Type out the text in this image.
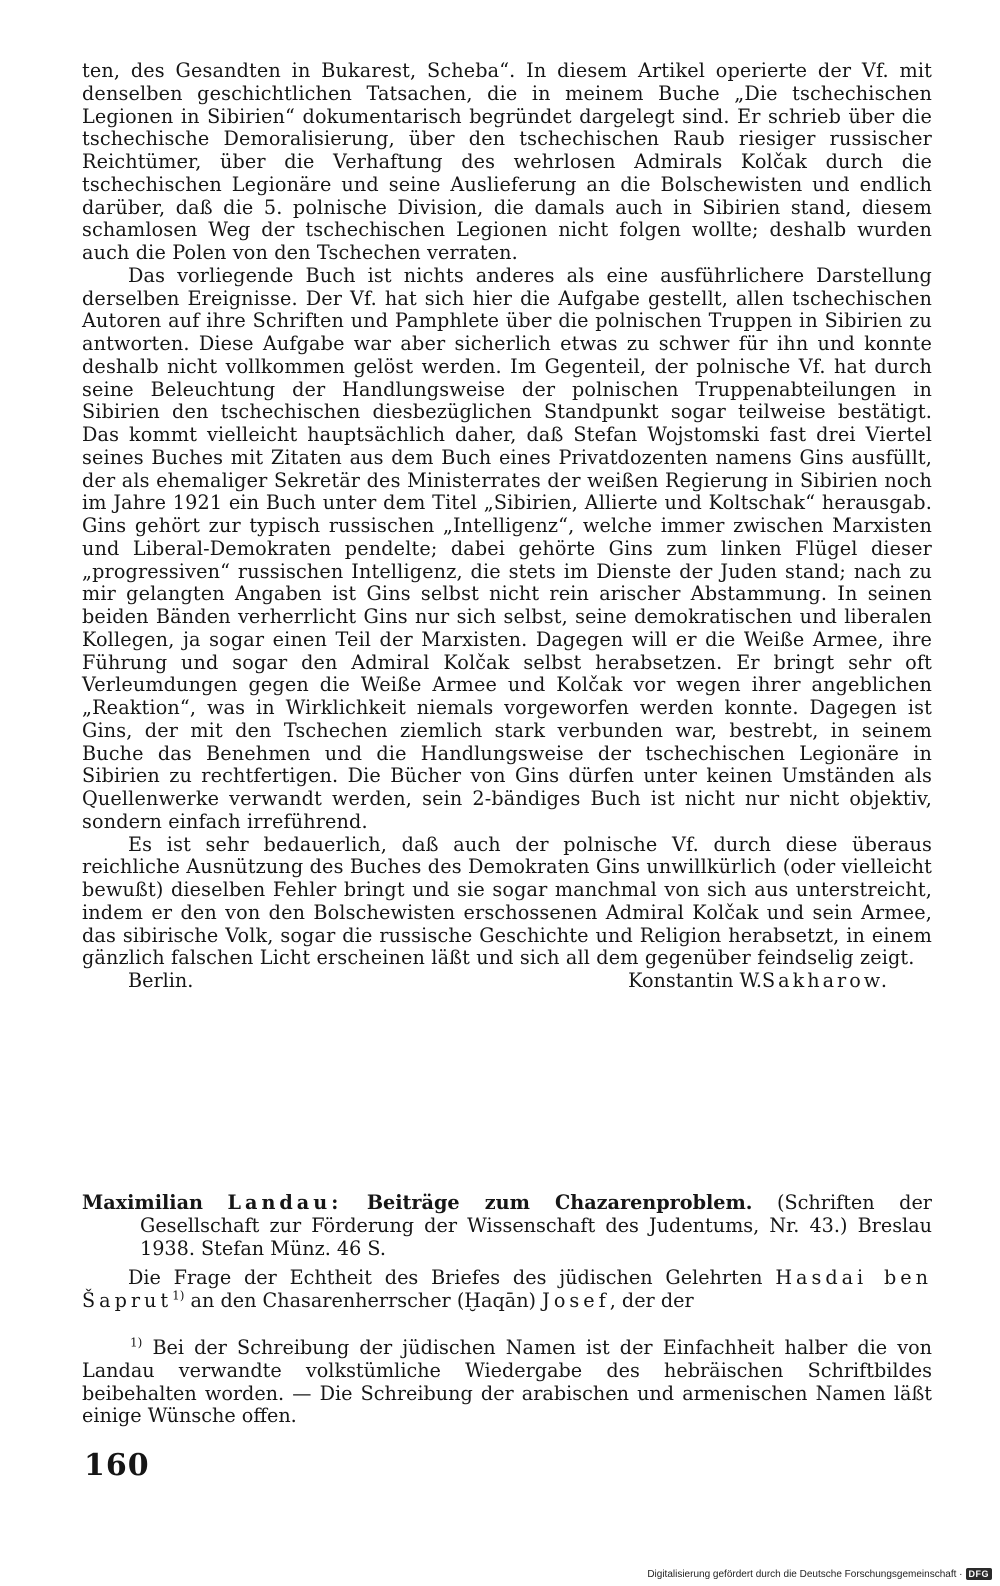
ten, des Gesandten in Bukarest, Scheba“. In diesem Artikel operierte der Vf. mit denselben geschichtlichen Tatsachen, die in meinem Buche „Die tschechischen Legionen in Sibirien“ dokumentarisch begründet dargelegt sind. Er schrieb über die tschechische Demoralisierung, über den tschechischen Raub riesiger russischer Reichtümer, über die Verhaftung des wehrlosen Admirals Kolčak durch die tschechischen Legionäre und seine Auslieferung an die Bolschewisten und endlich darüber, daß die 5. polnische Division, die damals auch in Sibirien stand, diesem schamlosen Weg der tschechischen Legionen nicht folgen wollte; deshalb wurden auch die Polen von den Tschechen verraten.

Das vorliegende Buch ist nichts anderes als eine ausführlichere Darstellung derselben Ereignisse. Der Vf. hat sich hier die Aufgabe gestellt, allen tschechischen Autoren auf ihre Schriften und Pamphlete über die polnischen Truppen in Sibirien zu antworten. Diese Aufgabe war aber sicherlich etwas zu schwer für ihn und konnte deshalb nicht vollkommen gelöst werden. Im Gegenteil, der polnische Vf. hat durch seine Beleuchtung der Handlungsweise der polnischen Truppenabteilungen in Sibirien den tschechischen diesbezüglichen Standpunkt sogar teilweise bestätigt. Das kommt vielleicht hauptsächlich daher, daß Stefan Wojstomski fast drei Viertel seines Buches mit Zitaten aus dem Buch eines Privatdozenten namens Gins ausfüllt, der als ehemaliger Sekretär des Ministerrates der weißen Regierung in Sibirien noch im Jahre 1921 ein Buch unter dem Titel „Sibirien, Allierte und Koltschak“ herausgab. Gins gehört zur typisch russischen „Intelligenz“, welche immer zwischen Marxisten und Liberal-Demokraten pendelte; dabei gehörte Gins zum linken Flügel dieser „progressiven“ russischen Intelligenz, die stets im Dienste der Juden stand; nach zu mir gelangten Angaben ist Gins selbst nicht rein arischer Abstammung. In seinen beiden Bänden verherrlicht Gins nur sich selbst, seine demokratischen und liberalen Kollegen, ja sogar einen Teil der Marxisten. Dagegen will er die Weiße Armee, ihre Führung und sogar den Admiral Kolčak selbst herabsetzen. Er bringt sehr oft Verleumdungen gegen die Weiße Armee und Kolčak vor wegen ihrer angeblichen „Reaktion“, was in Wirklichkeit niemals vorgeworfen werden konnte. Dagegen ist Gins, der mit den Tschechen ziemlich stark verbunden war, bestrebt, in seinem Buche das Benehmen und die Handlungsweise der tschechischen Legionäre in Sibirien zu rechtfertigen. Die Bücher von Gins dürfen unter keinen Umständen als Quellenwerke verwandt werden, sein 2-bändiges Buch ist nicht nur nicht objektiv, sondern einfach irreführend.

Es ist sehr bedauerlich, daß auch der polnische Vf. durch diese überaus reichliche Ausnützung des Buches des Demokraten Gins unwillkürlich (oder vielleicht bewußt) dieselben Fehler bringt und sie sogar manchmal von sich aus unterstreicht, indem er den von den Bolschewisten erschossenen Admiral Kolčak und sein Armee, das sibirische Volk, sogar die russische Geschichte und Religion herabsetzt, in einem gänzlich falschen Licht erscheinen läßt und sich all dem gegenüber feindselig zeigt.

Berlin.	Konstantin W.Sakharow.

Maximilian Landau: Beiträge zum Chazarenproblem. (Schriften der Gesellschaft zur Förderung der Wissenschaft des Judentums, Nr. 43.) Breslau 1938. Stefan Münz. 46 S.

Die Frage der Echtheit des Briefes des jüdischen Gelehrten Hasdai ben Šaprut$^{1)}$ an den Chasarenherrscher (Ḫaqān) Josef, der der

$^{1)}$ Bei der Schreibung der jüdischen Namen ist der Einfachheit halber die von Landau verwandte volkstümliche Wiedergabe des hebräischen Schriftbildes beibehalten worden. — Die Schreibung der arabischen und armenischen Namen läßt einige Wünsche offen.

160
Digitalisierung gefördert durch die Deutsche Forschungsgemeinschaft · DFG
